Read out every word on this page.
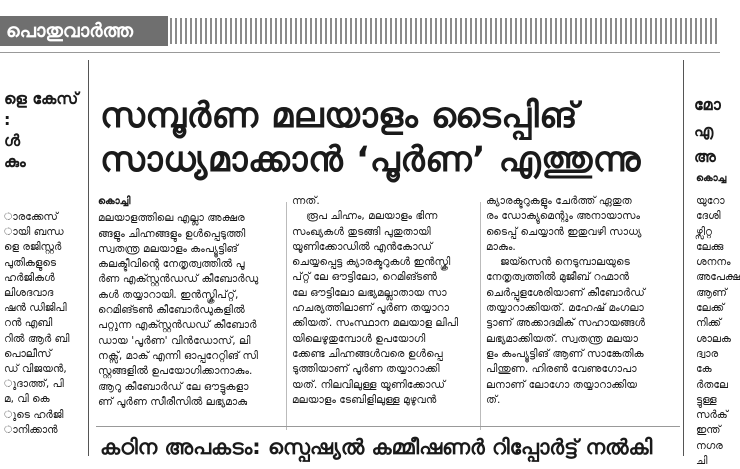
പൊതുവാർത്ത
ളെ കേസ്
:
ൾ
കും
ാരക്കേസ്
ായി ബന്ധ
ളെ രജിസ്റ്റർ
പുതികളുടെ
ഹർജികൾ
ലിശദവാദ
ഷൻ ഡിജിപി
റൻ എബി
റിൽ ആർ ബി
പൊലീസ്
ഡ് വിജയൻ,
ുദാത്ത്, പി
മ, വി കെ
ുടെ ഹർജി
ാനിക്കാൻ
സമ്പൂർണ മലയാളം ടൈപ്പിങ്
സാധ്യമാക്കാൻ ‘പൂർണ’ എത്തുന്നു
കൊച്ചി

മലയാളത്തിലെ എല്ലാ അക്ഷര

ങ്ങളും ചിഹ്നങ്ങളും ഉൾപ്പെടുത്തി

സ്വതന്ത്ര മലയാളം കംപ്യൂട്ടിങ്

കലക്ടീവിന്റെ നേതൃത്വത്തിൽ പൂ

ർണ എക്സ്റ്റൻഡഡ് കീബോർഡു

കൾ തയ്യാറായി. ഇൻസ്ക്രിപ്റ്റ്,

റെമിങ്ടൺ കീബോർഡുകളിൽ

പറ്റുന്ന എക്സ്റ്റൻഡഡ് കീബോർ

ഡായ 'പൂർണ' വിൻഡോസ്, ലി

നക്സ്, മാക് എന്നി ഓപ്പറേറ്റിങ് സി

സ്റ്റങ്ങളിൽ ഉപയോഗിക്കാനാകും.

ആറു കീബോർഡ് ലേ ഔട്ടുകളാ

ണ് പൂർണ സീരീസിൽ ലഭ്യമാകു

ന്നത്.

രൂപ ചിഹ്നം, മലയാളം ഭിന്ന

സംഖ്യകൾ തുടങ്ങി പുതുതായി

യൂണിക്കോഡിൽ എൻകോഡ്

ചെയ്യപ്പെട്ട ക്യാരക്ടറുകൾ ഇൻസ്ക്രി

പ്റ്റ് ലേ ഔട്ടിലോ, റെമിങ്ടൺ

ലേ ഔട്ടിലോ ലഭ്യമല്ലാതായ സാ

ഹചര്യത്തിലാണ് പൂർണ തയ്യാറാ

ക്കിയത്. സംസ്ഥാന മലയാള ലിപി

യിലെഴുതുമ്പോൾ ഉപയോഗി

ക്കേണ്ട ചിഹ്നങ്ങൾവരെ ഉൾപ്പെ

ടുത്തിയാണ് പൂർണ തയ്യാറാക്കി

യത്. നിലവിലുള്ള യൂണിക്കോഡ്

മലയാളം ടേബിളിലുള്ള മുഴുവൻ

ക്യാരക്ടറുകളും ചേർത്ത് ഏതുത

രം ഡോക്യുമെന്റും അനായാസം

ടൈപ്പ് ചെയ്യാൻ ഇതുവഴി സാധ്യ

മാകും.

ജയ്സെൻ നെടുമ്പാലയുടെ

നേതൃത്വത്തിൽ മുജീബ് റഹ്മാൻ

ചെർപ്പുളശേരിയാണ് കീബോർഡ്

തയ്യാറാക്കിയത്. മഹേഷ് മംഗലാ

ട്ടാണ് അക്കാദമിക് സഹായങ്ങൾ

ലഭ്യമാക്കിയത്. സ്വതന്ത്ര മലയാ

ളം കംപ്യൂട്ടിങ് ആണ് സാങ്കേതിക

പിന്തുണ. ഹിരൺ വേണുഗോപാ

ലനാണ് ലോഗോ തയ്യാറാക്കിയ

ത്.

മോ
എ
അ
കൊച്ച
യുറോ
ദേശി
ഴ്സിറ്റ
ലേക്കു
ശനനം
അപേക്ഷ
ആണ്
ലേക്ക്
നിക്ക്
ശാലക
ദ്വാര
കേ
ർതലേ
ട്ടുള്ള
സർക്
ഇന്ത്
നഗര
ചി
കഠിന അപകടം: സ്പെഷ്യൽ കമ്മീഷണർ റിപ്പോർട്ട് നൽകി
